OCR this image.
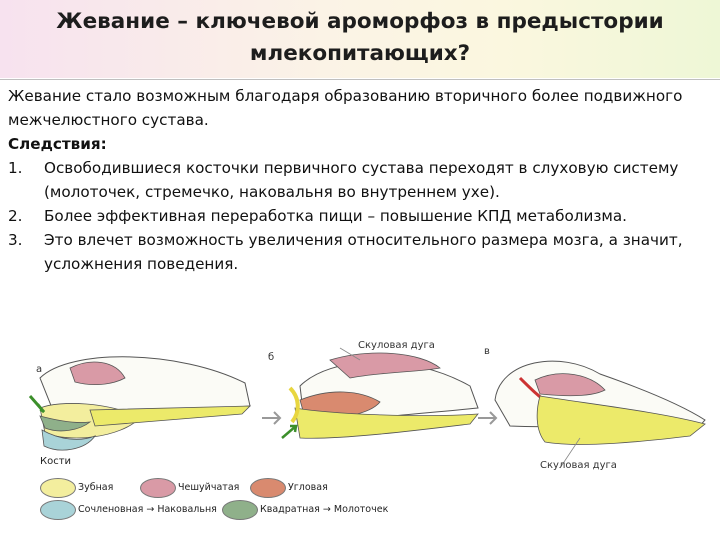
Жевание – ключевой ароморфоз в предыстории млекопитающих?

Жевание стало возможным благодаря образованию вторичного более подвижного межчелюстного сустава.

Следствия:

1. Освободившиеся косточки первичного сустава переходят в слуховую систему (молоточек, стремечко, наковальня во внутреннем ухе).
2. Более эффективная переработка пищи – повышение КПД метаболизма.
3. Это влечет возможность увеличения относительного размера мозга, а значит, усложнения поведения.
а
б
в
Скуловая дуга
Скуловая дуга
Кости
Зубная	Чешуйчатая	Угловая
Сочленовная → Наковальня	Квадратная → Молоточек
